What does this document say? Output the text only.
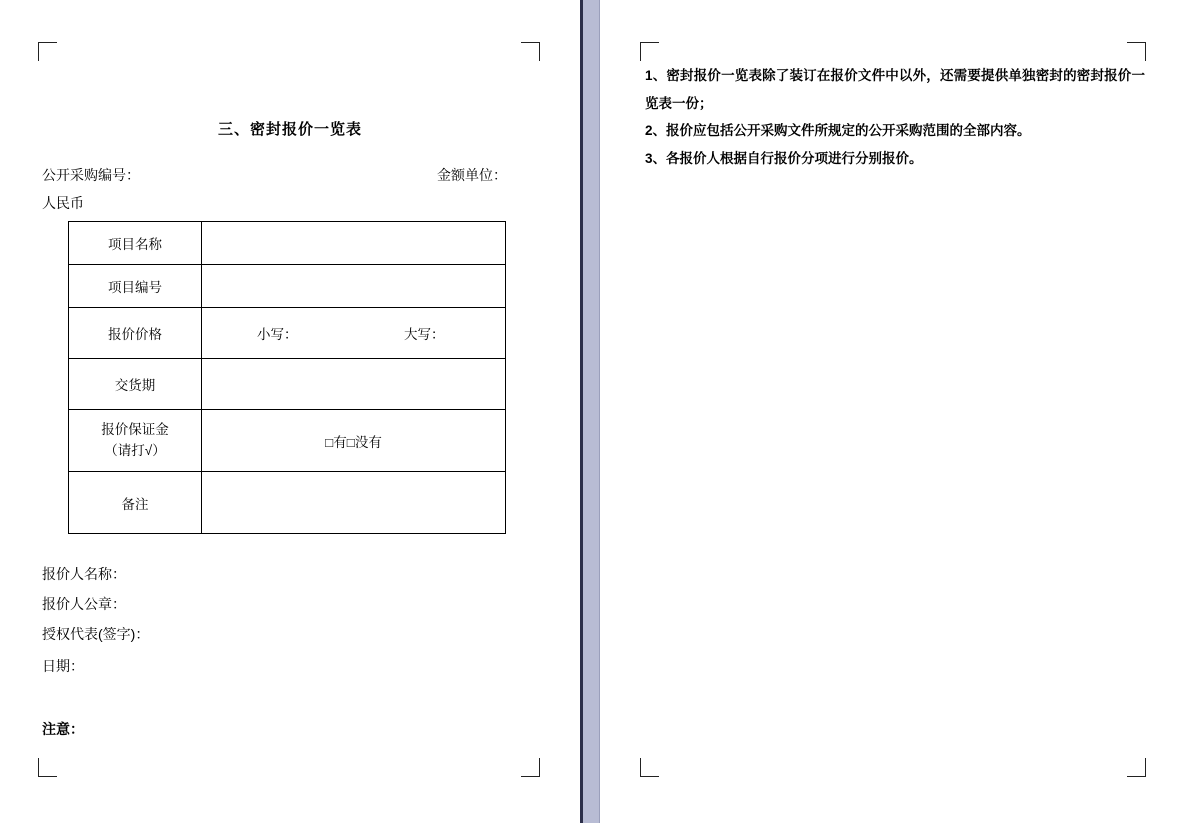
三、密封报价一览表
公开采购编号：	金额单位：
人民币
项目名称	
项目编号	
报价价格	小写： 大写：

交货期	

报价保证金
（请打√）	□有□没有
备注	
报价人名称：
报价人公章：
授权代表(签字)：
日期：
注意：

1、密封报价一览表除了装订在报价文件中以外，还需要提供单独密封的密封报价一览表一份；

2、报价应包括公开采购文件所规定的公开采购范围的全部内容。

3、各报价人根据自行报价分项进行分别报价。
